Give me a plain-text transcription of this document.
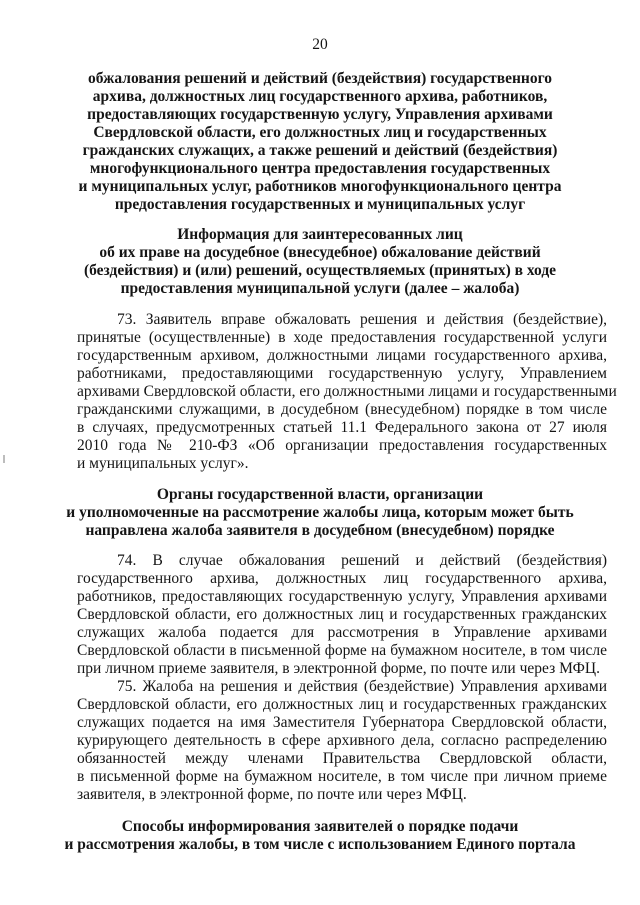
20
обжалования решений и действий (бездействия) государственного
архива, должностных лиц государственного архива, работников,
предоставляющих государственную услугу, Управления архивами
Свердловской области, его должностных лиц и государственных
гражданских служащих, а также решений и действий (бездействия)
многофункционального центра предоставления государственных
и муниципальных услуг, работников многофункционального центра
предоставления государственных и муниципальных услуг
Информация для заинтересованных лиц
об их праве на досудебное (внесудебное) обжалование действий
(бездействия) и (или) решений, осуществляемых (принятых) в ходе
предоставления муниципальной услуги (далее – жалоба)
73. Заявитель вправе обжаловать решения и действия (бездействие),
принятые (осуществленные) в ходе предоставления государственной услуги
государственным архивом, должностными лицами государственного архива,
работниками, предоставляющими государственную услугу, Управлением
архивами Свердловской области, его должностными лицами и государственными
гражданскими служащими, в досудебном (внесудебном) порядке в том числе
в случаях, предусмотренных статьей 11.1 Федерального закона от 27 июля
2010 года № 210-ФЗ «Об организации предоставления государственных
и муниципальных услуг».
Органы государственной власти, организации
и уполномоченные на рассмотрение жалобы лица, которым может быть
направлена жалоба заявителя в досудебном (внесудебном) порядке
74. В случае обжалования решений и действий (бездействия)
государственного архива, должностных лиц государственного архива,
работников, предоставляющих государственную услугу, Управления архивами
Свердловской области, его должностных лиц и государственных гражданских
служащих жалоба подается для рассмотрения в Управление архивами
Свердловской области в письменной форме на бумажном носителе, в том числе
при личном приеме заявителя, в электронной форме, по почте или через МФЦ.
75. Жалоба на решения и действия (бездействие) Управления архивами
Свердловской области, его должностных лиц и государственных гражданских
служащих подается на имя Заместителя Губернатора Свердловской области,
курирующего деятельность в сфере архивного дела, согласно распределению
обязанностей между членами Правительства Свердловской области,
в письменной форме на бумажном носителе, в том числе при личном приеме
заявителя, в электронной форме, по почте или через МФЦ.
Способы информирования заявителей о порядке подачи
и рассмотрения жалобы, в том числе с использованием Единого портала
